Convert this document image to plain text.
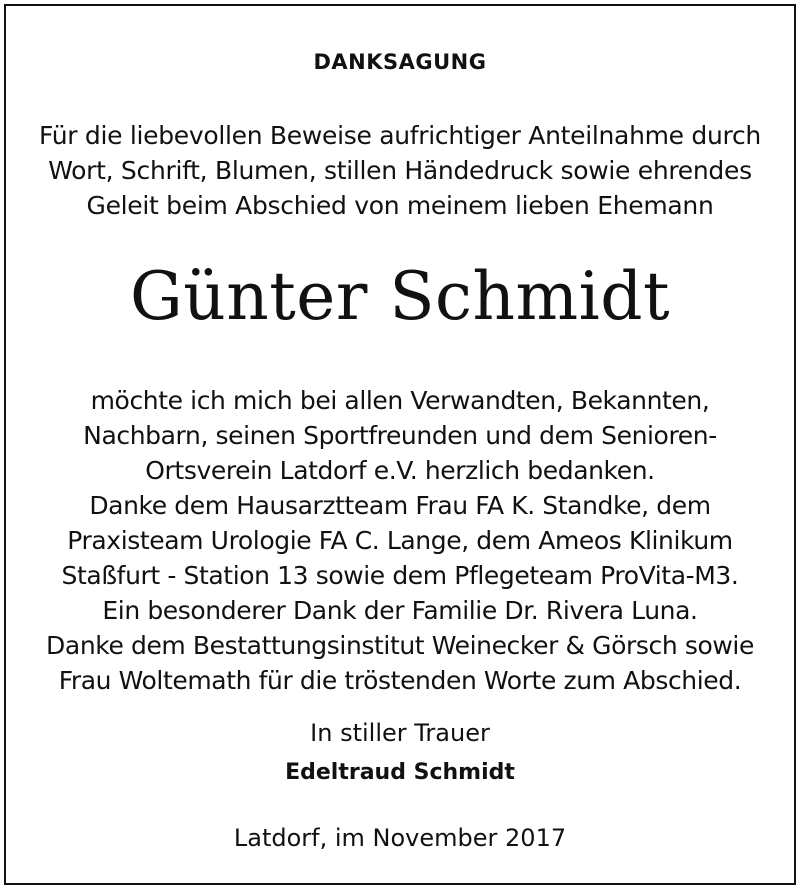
DANKSAGUNG
Für die liebevollen Beweise aufrichtiger Anteilnahme durch
Wort, Schrift, Blumen, stillen Händedruck sowie ehrendes
Geleit beim Abschied von meinem lieben Ehemann
Günter Schmidt
möchte ich mich bei allen Verwandten, Bekannten,
Nachbarn, seinen Sportfreunden und dem Senioren-
Ortsverein Latdorf e.V. herzlich bedanken.
Danke dem Hausarztteam Frau FA K. Standke, dem
Praxisteam Urologie FA C. Lange, dem Ameos Klinikum
Staßfurt - Station 13 sowie dem Pflegeteam ProVita-M3.
Ein besonderer Dank der Familie Dr. Rivera Luna.
Danke dem Bestattungsinstitut Weinecker & Görsch sowie
Frau Woltemath für die tröstenden Worte zum Abschied.
In stiller Trauer
Edeltraud Schmidt
Latdorf, im November 2017
